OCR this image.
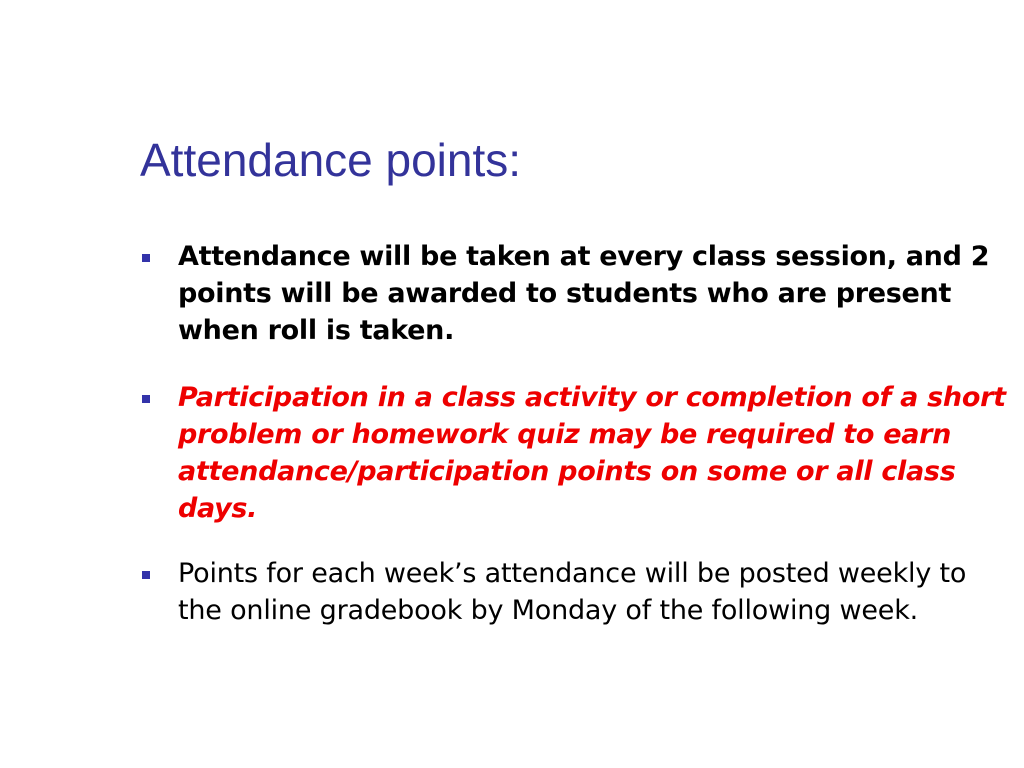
Attendance points:
Attendance will be taken at every class session, and 2 points will be awarded to students who are present when roll is taken.
Participation in a class activity or completion of a short problem or homework quiz may be required to earn attendance/participation points on some or all class days.
Points for each week’s attendance will be posted weekly to the online gradebook by Monday of the following week.
